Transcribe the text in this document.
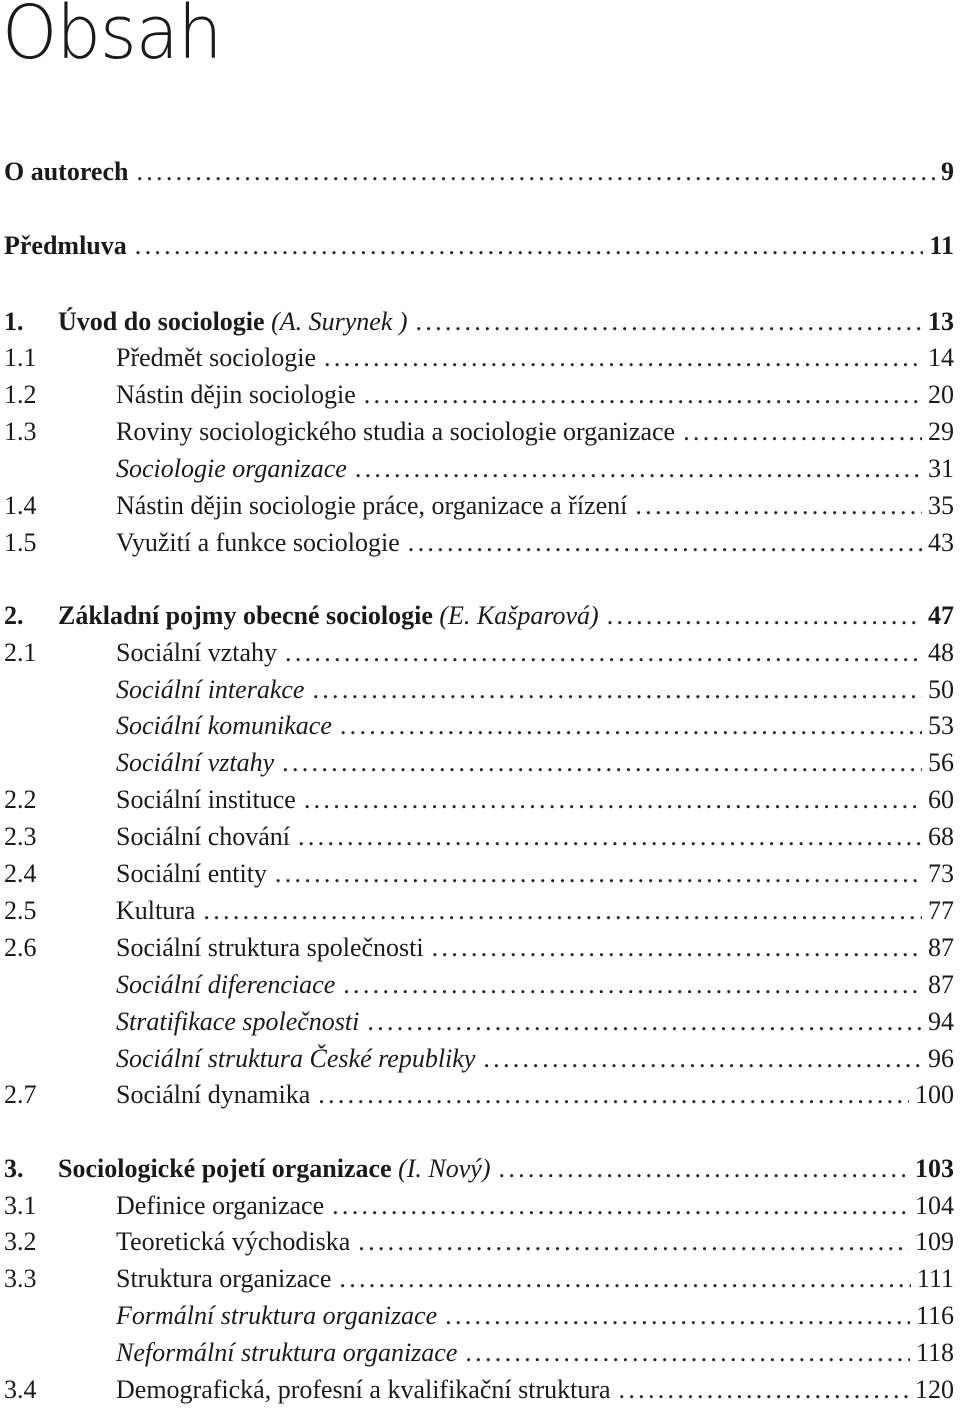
Obsah
O autorech . . .	9
Předmluva . . .	11
1. Úvod do sociologie (A. Surynek ) . . .	13
1.1	Předmět sociologie . . .	14
1.2	Nástin dějin sociologie . . .	20
1.3	Roviny sociologického studia a sociologie organizace . . .	29
Sociologie organizace . . .	31
1.4	Nástin dějin sociologie práce, organizace a řízení . . .	35
1.5	Využití a funkce sociologie . . .	43
2. Základní pojmy obecné sociologie (E. Kašparová) . . .	47
2.1	Sociální vztahy . . .	48
Sociální interakce . . .	50
Sociální komunikace . . .	53
Sociální vztahy . . .	56
2.2	Sociální instituce . . .	60
2.3	Sociální chování . . .	68
2.4	Sociální entity . . .	73
2.5	Kultura . . .	77
2.6	Sociální struktura společnosti . . .	87
Sociální diferenciace . . .	87
Stratifikace společnosti . . .	94
Sociální struktura České republiky . . .	96
2.7	Sociální dynamika . . .	100
3. Sociologické pojetí organizace (I. Nový) . . .	103
3.1	Definice organizace . . .	104
3.2	Teoretická východiska . . .	109
3.3	Struktura organizace . . .	111
Formální struktura organizace . . .	116
Neformální struktura organizace . . .	118
3.4	Demografická, profesní a kvalifikační struktura . . .	120
